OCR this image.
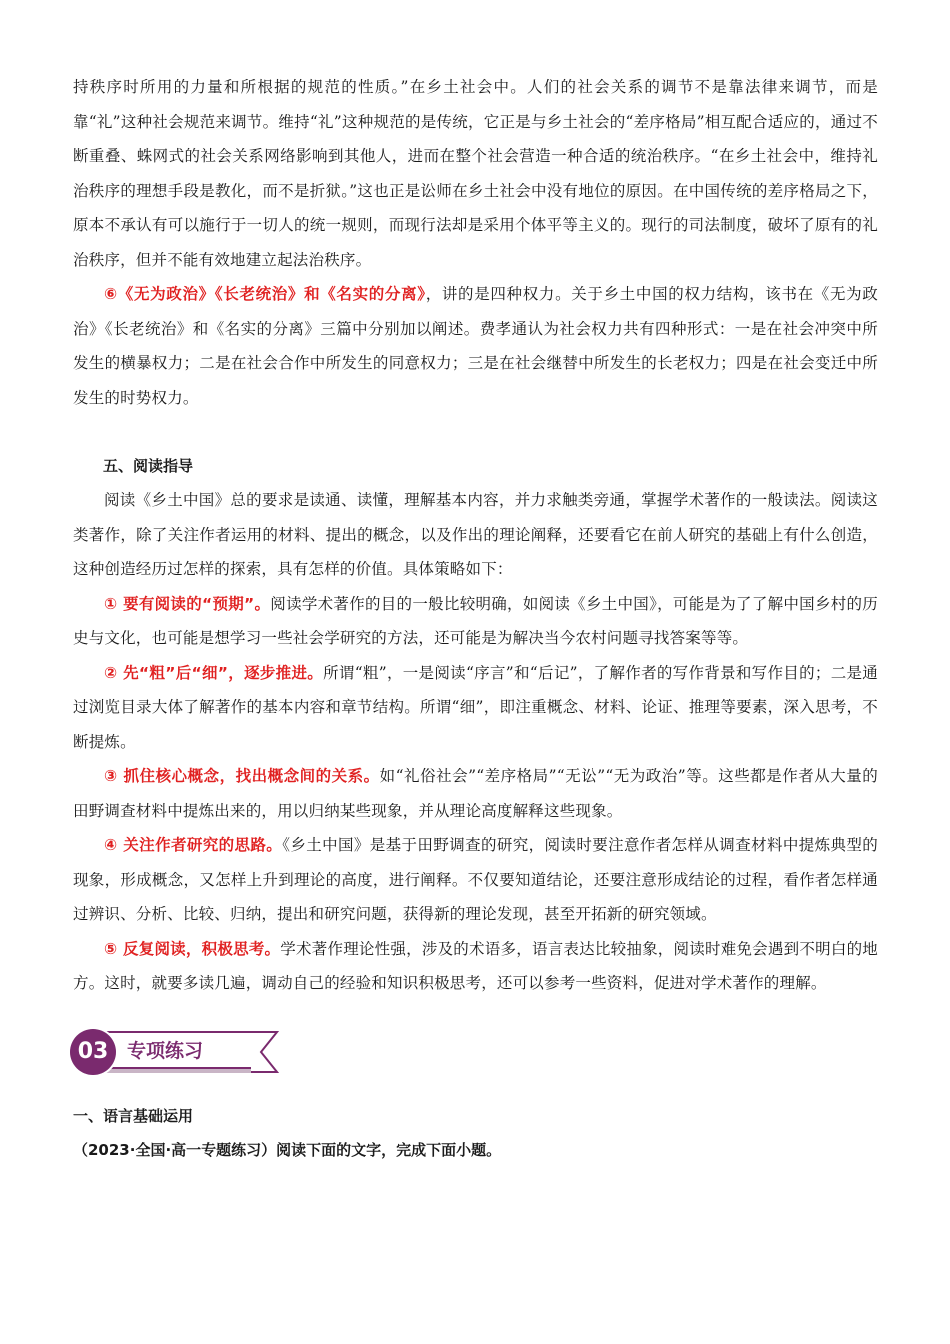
持秩序时所用的力量和所根据的规范的性质。”在乡土社会中。人们的社会关系的调节不是靠法律来调节，而是靠“礼”这种社会规范来调节。维持“礼”这种规范的是传统，它正是与乡土社会的“差序格局”相互配合适应的，通过不断重叠、蛛网式的社会关系网络影响到其他人，进而在整个社会营造一种合适的统治秩序。“在乡土社会中，维持礼治秩序的理想手段是教化，而不是折狱。”这也正是讼师在乡土社会中没有地位的原因。在中国传统的差序格局之下，原本不承认有可以施行于一切人的统一规则，而现行法却是采用个体平等主义的。现行的司法制度，破坏了原有的礼治秩序，但并不能有效地建立起法治秩序。

⑥《无为政治》《长老统治》和《名实的分离》，讲的是四种权力。关于乡土中国的权力结构，该书在《无为政治》《长老统治》和《名实的分离》三篇中分别加以阐述。费孝通认为社会权力共有四种形式：一是在社会冲突中所发生的横暴权力；二是在社会合作中所发生的同意权力；三是在社会继替中所发生的长老权力；四是在社会变迁中所发生的时势权力。

五、阅读指导

阅读《乡土中国》总的要求是读通、读懂，理解基本内容，并力求触类旁通，掌握学术著作的一般读法。阅读这类著作，除了关注作者运用的材料、提出的概念，以及作出的理论阐释，还要看它在前人研究的基础上有什么创造，这种创造经历过怎样的探索，具有怎样的价值。具体策略如下：

① 要有阅读的“预期”。阅读学术著作的目的一般比较明确，如阅读《乡土中国》，可能是为了了解中国乡村的历史与文化，也可能是想学习一些社会学研究的方法，还可能是为解决当今农村问题寻找答案等等。

② 先“粗”后“细”，逐步推进。所谓“粗”，一是阅读“序言”和“后记”，了解作者的写作背景和写作目的；二是通过浏览目录大体了解著作的基本内容和章节结构。所谓“细”，即注重概念、材料、论证、推理等要素，深入思考，不断提炼。

③ 抓住核心概念，找出概念间的关系。如“礼俗社会”“差序格局”“无讼”“无为政治”等。这些都是作者从大量的田野调查材料中提炼出来的，用以归纳某些现象，并从理论高度解释这些现象。

④ 关注作者研究的思路。《乡土中国》是基于田野调查的研究，阅读时要注意作者怎样从调查材料中提炼典型的现象，形成概念，又怎样上升到理论的高度，进行阐释。不仅要知道结论，还要注意形成结论的过程，看作者怎样通过辨识、分析、比较、归纳，提出和研究问题，获得新的理论发现，甚至开拓新的研究领域。

⑤ 反复阅读，积极思考。学术著作理论性强，涉及的术语多，语言表达比较抽象，阅读时难免会遇到不明白的地方。这时，就要多读几遍，调动自己的经验和知识积极思考，还可以参考一些资料，促进对学术著作的理解。

03 专项练习

一、语言基础运用

（2023·全国·高一专题练习）阅读下面的文字，完成下面小题。
